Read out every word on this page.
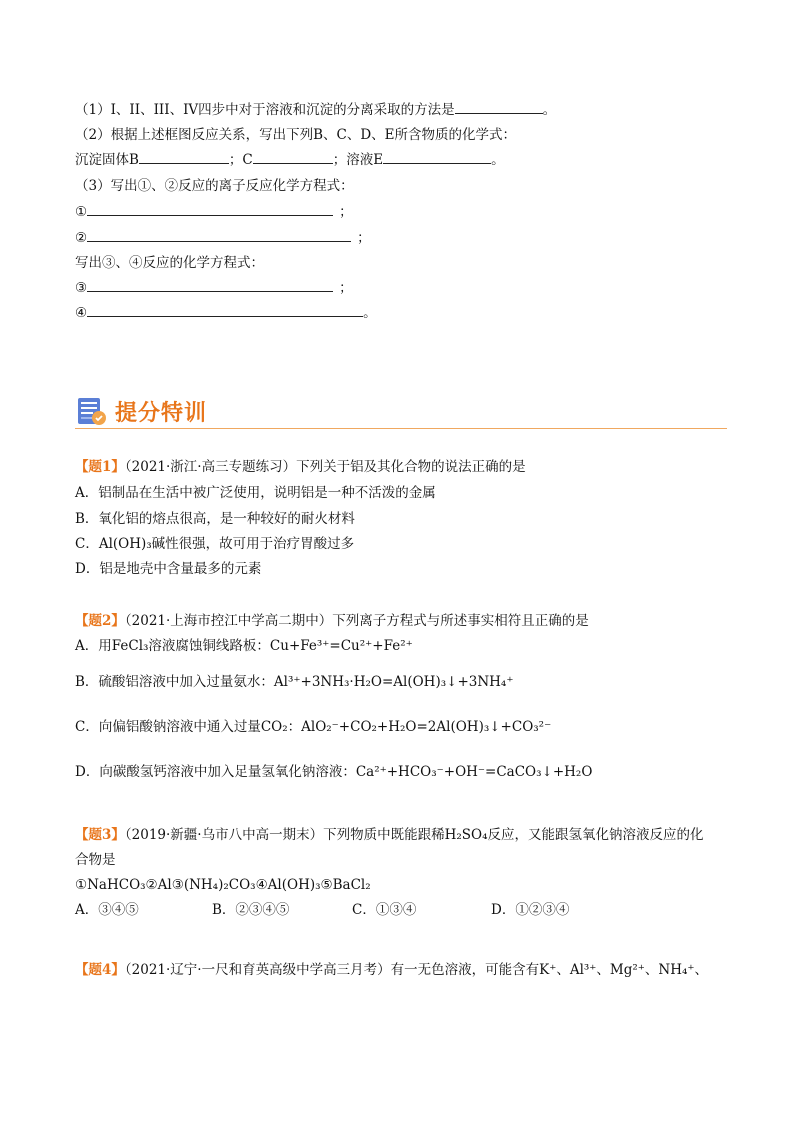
（1）I、II、III、IV四步中对于溶液和沉淀的分离采取的方法是	。
（2）根据上述框图反应关系，写出下列B、C、D、E所含物质的化学式：
沉淀固体B	；C	；溶液E	。
（3）写出①、②反应的离子反应化学方程式：
①	；
②	；
写出③、④反应的化学方程式：
③	；
④	。
提分特训
【题1】（2021·浙江·高三专题练习）下列关于铝及其化合物的说法正确的是
A．铝制品在生活中被广泛使用，说明铝是一种不活泼的金属
B．氧化铝的熔点很高，是一种较好的耐火材料
C．Al(OH)₃碱性很强，故可用于治疗胃酸过多
D．铝是地壳中含量最多的元素
【题2】（2021·上海市控江中学高二期中）下列离子方程式与所述事实相符且正确的是
A．用FeCl₃溶液腐蚀铜线路板：Cu+Fe³⁺=Cu²⁺+Fe²⁺
B．硫酸铝溶液中加入过量氨水：Al³⁺+3NH₃·H₂O=Al(OH)₃↓+3NH₄⁺
C．向偏铝酸钠溶液中通入过量CO₂：AlO₂⁻+CO₂+H₂O=2Al(OH)₃↓+CO₃²⁻
D．向碳酸氢钙溶液中加入足量氢氧化钠溶液：Ca²⁺+HCO₃⁻+OH⁻=CaCO₃↓+H₂O
【题3】（2019·新疆·乌市八中高一期末）下列物质中既能跟稀H₂SO₄反应，又能跟氢氧化钠溶液反应的化
合物是
①NaHCO₃②Al③(NH₄)₂CO₃④Al(OH)₃⑤BaCl₂
A．③④⑤	B．②③④⑤	C．①③④	D．①②③④
【题4】（2021·辽宁·一尺和育英高级中学高三月考）有一无色溶液，可能含有K⁺、Al³⁺、Mg²⁺、NH₄⁺、
